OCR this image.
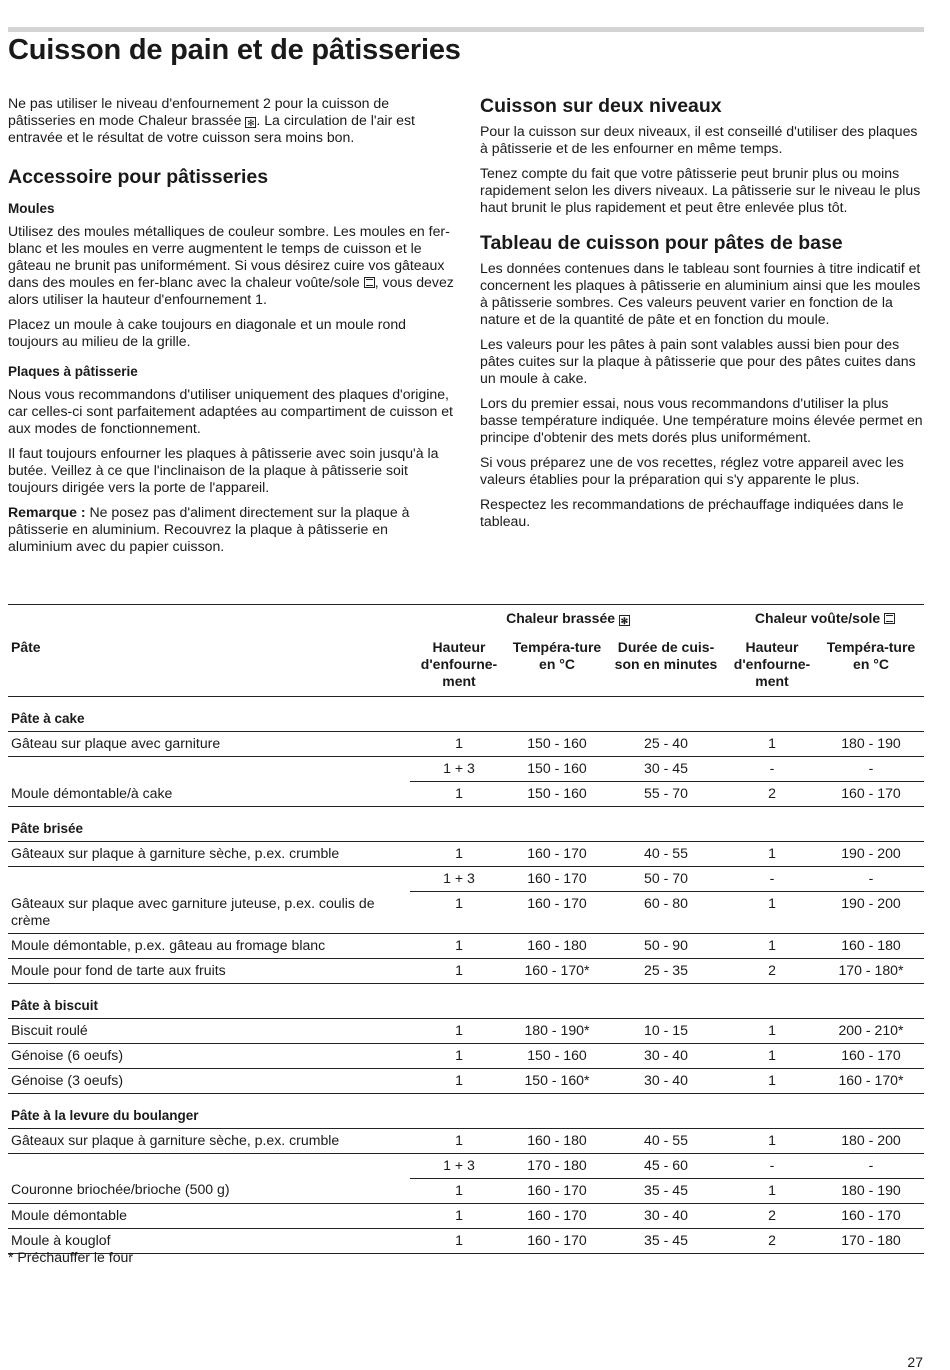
Cuisson de pain et de pâtisseries

Ne pas utiliser le niveau d'enfournement 2 pour la cuisson de pâtisseries en mode Chaleur brassée ✻ . La circulation de l'air est entravée et le résultat de votre cuisson sera moins bon.

Accessoire pour pâtisseries
Moules

Utilisez des moules métalliques de couleur sombre. Les moules en fer-blanc et les moules en verre augmentent le temps de cuisson et le gâteau ne brunit pas uniformément. Si vous désirez cuire vos gâteaux dans des moules en fer-blanc avec la chaleur voûte/sole , vous devez alors utiliser la hauteur d'enfournement 1.

Placez un moule à cake toujours en diagonale et un moule rond toujours au milieu de la grille.

Plaques à pâtisserie

Nous vous recommandons d'utiliser uniquement des plaques d'origine, car celles-ci sont parfaitement adaptées au compartiment de cuisson et aux modes de fonctionnement.

Il faut toujours enfourner les plaques à pâtisserie avec soin jusqu'à la butée. Veillez à ce que l'inclinaison de la plaque à pâtisserie soit toujours dirigée vers la porte de l'appareil.

Remarque : Ne posez pas d'aliment directement sur la plaque à pâtisserie en aluminium. Recouvrez la plaque à pâtisserie en aluminium avec du papier cuisson.

Cuisson sur deux niveaux

Pour la cuisson sur deux niveaux, il est conseillé d'utiliser des plaques à pâtisserie et de les enfourner en même temps.

Tenez compte du fait que votre pâtisserie peut brunir plus ou moins rapidement selon les divers niveaux. La pâtisserie sur le niveau le plus haut brunit le plus rapidement et peut être enlevée plus tôt.

Tableau de cuisson pour pâtes de base

Les données contenues dans le tableau sont fournies à titre indicatif et concernent les plaques à pâtisserie en aluminium ainsi que les moules à pâtisserie sombres. Ces valeurs peuvent varier en fonction de la nature et de la quantité de pâte et en fonction du moule.

Les valeurs pour les pâtes à pain sont valables aussi bien pour des pâtes cuites sur la plaque à pâtisserie que pour des pâtes cuites dans un moule à cake.

Lors du premier essai, nous vous recommandons d'utiliser la plus basse température indiquée. Une température moins élevée permet en principe d'obtenir des mets dorés plus uniformément.

Si vous préparez une de vos recettes, réglez votre appareil avec les valeurs établies pour la préparation qui s'y apparente le plus.

Respectez les recommandations de préchauffage indiquées dans le tableau.

	Chaleur brassée ✻			Chaleur voûte/sole	
Pâte	Hauteur d'enfourne-ment	Tempéra-ture en °C	Durée de cuis-son en minutes	Hauteur d'enfourne-ment	Tempéra-ture en °C
Pâte à cake					
Gâteau sur plaque avec garniture	1	150 - 160	25 - 40	1	180 - 190
	1 + 3	150 - 160	30 - 45	-	-
Moule démontable/à cake	1	150 - 160	55 - 70	2	160 - 170
Pâte brisée					
Gâteaux sur plaque à garniture sèche, p.ex. crumble	1	160 - 170	40 - 55	1	190 - 200
	1 + 3	160 - 170	50 - 70	-	-
Gâteaux sur plaque avec garniture juteuse, p.ex. coulis de crème	1	160 - 170	60 - 80	1	190 - 200
Moule démontable, p.ex. gâteau au fromage blanc	1	160 - 180	50 - 90	1	160 - 180
Moule pour fond de tarte aux fruits	1	160 - 170*	25 - 35	2	170 - 180*
Pâte à biscuit					
Biscuit roulé	1	180 - 190*	10 - 15	1	200 - 210*
Génoise (6 oeufs)	1	150 - 160	30 - 40	1	160 - 170
Génoise (3 oeufs)	1	150 - 160*	30 - 40	1	160 - 170*
Pâte à la levure du boulanger					
Gâteaux sur plaque à garniture sèche, p.ex. crumble	1	160 - 180	40 - 55	1	180 - 200
	1 + 3	170 - 180	45 - 60	-	-
Couronne briochée/brioche (500 g)	1	160 - 170	35 - 45	1	180 - 190
Moule démontable	1	160 - 170	30 - 40	2	160 - 170
Moule à kouglof	1	160 - 170	35 - 45	2	170 - 180
* Préchauffer le four
27
